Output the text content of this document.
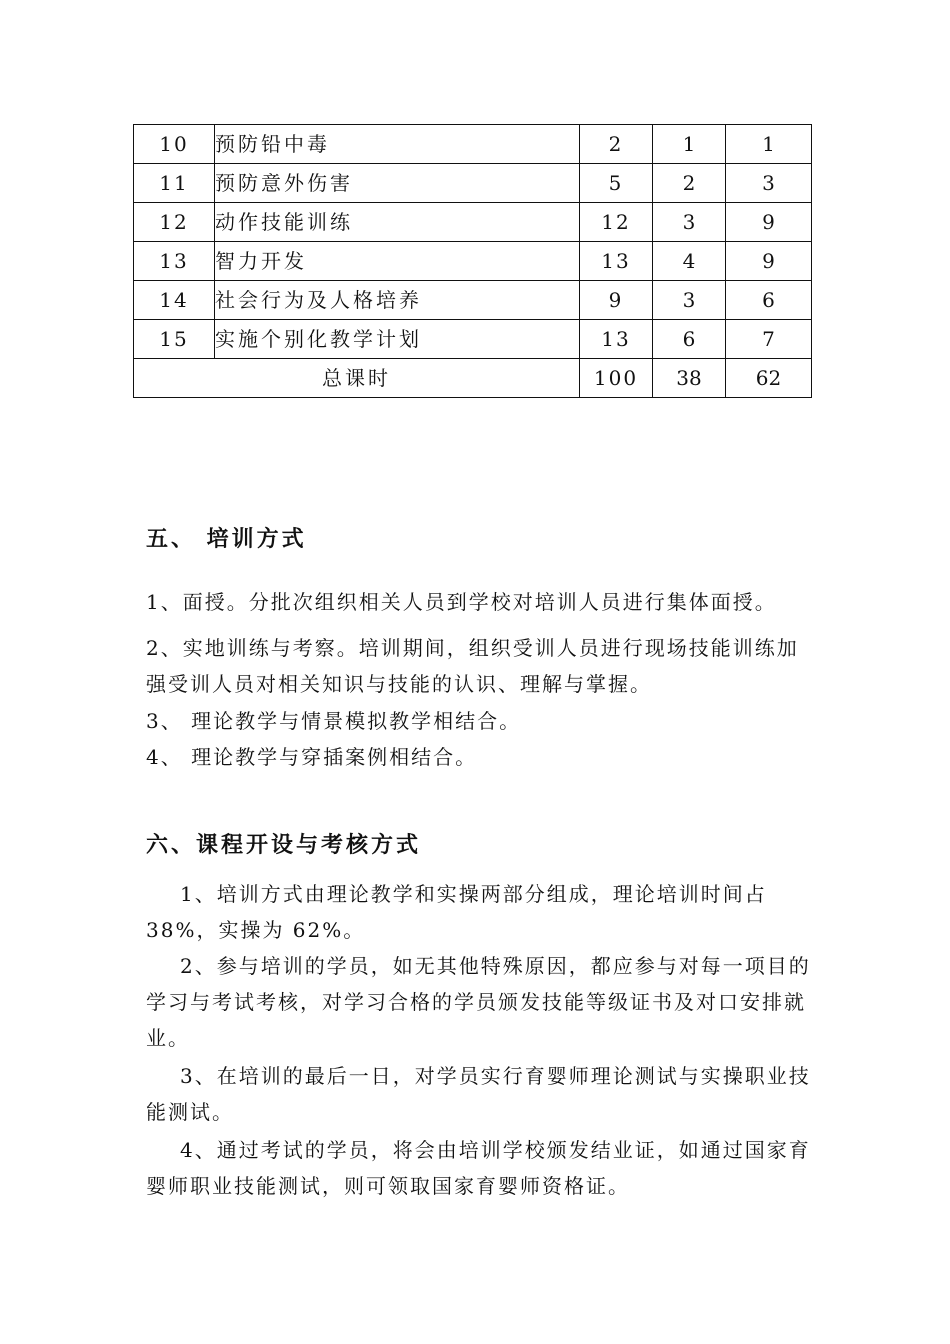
10	预防铅中毒	2	1	1
11	预防意外伤害	5	2	3
12	动作技能训练	12	3	9
13	智力开发	13	4	9
14	社会行为及人格培养	9	3	6
15	实施个别化教学计划	13	6	7
总课时		100	38	62
五、 培训方式

1、面授。分批次组织相关人员到学校对培训人员进行集体面授。

2、实地训练与考察。培训期间，组织受训人员进行现场技能训练加强受训人员对相关知识与技能的认识、理解与掌握。

3、 理论教学与情景模拟教学相结合。

4、 理论教学与穿插案例相结合。

六、课程开设与考核方式

1、培训方式由理论教学和实操两部分组成，理论培训时间占38%，实操为 62%。

2、参与培训的学员，如无其他特殊原因，都应参与对每一项目的学习与考试考核，对学习合格的学员颁发技能等级证书及对口安排就业。

3、在培训的最后一日，对学员实行育婴师理论测试与实操职业技能测试。

4、通过考试的学员，将会由培训学校颁发结业证，如通过国家育婴师职业技能测试，则可领取国家育婴师资格证。
